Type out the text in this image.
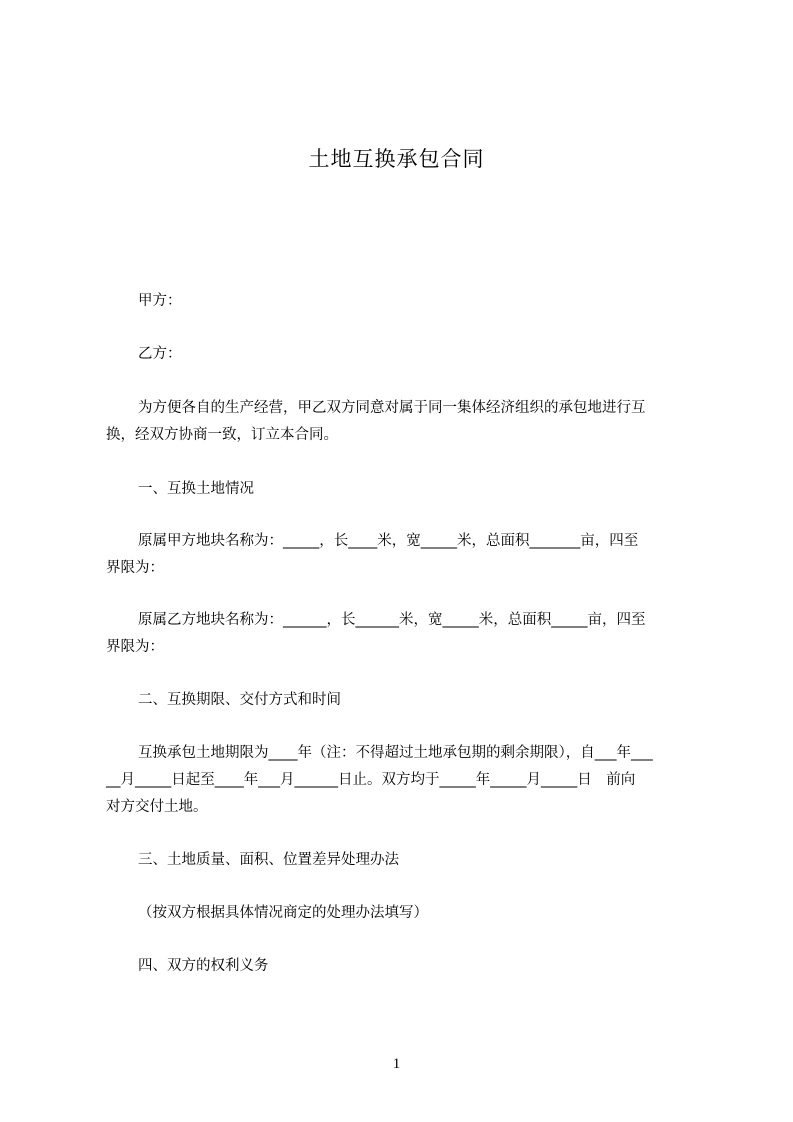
土地互换承包合同
甲方：
乙方：
为方便各自的生产经营，甲乙双方同意对属于同一集体经济组织的承包地进行互
换，经双方协商一致，订立本合同。
一、互换土地情况
原属甲方地块名称为：_____，长____米，宽_____米，总面积_______亩，四至
界限为：
原属乙方地块名称为：______，长______米，宽_____米，总面积_____亩，四至
界限为：
二、互换期限、交付方式和时间
互换承包土地期限为____年（注：不得超过土地承包期的剩余期限），自___年___
__月_____日起至____年___月______日止。双方均于_____年_____月_____日　前向
对方交付土地。
三、土地质量、面积、位置差异处理办法
（按双方根据具体情况商定的处理办法填写）
四、双方的权利义务
1
